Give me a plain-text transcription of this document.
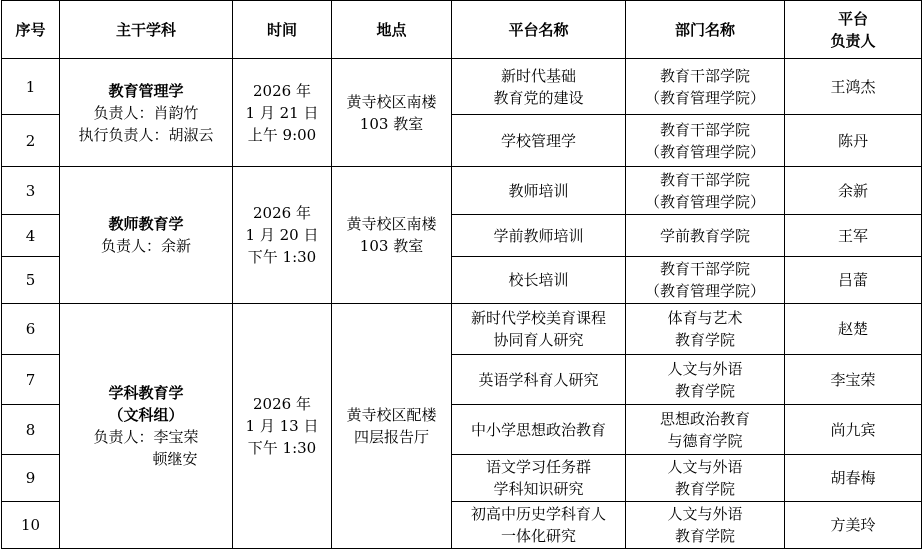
序号	主干学科	时间	地点	平台名称	部门名称	平台
负责人

1	教育管理学
负责人：肖韵竹
执行负责人：胡淑云	2026 年
1 月 21 日
上午 9:00	黄寺校区南楼
103 教室	新时代基础
教育党的建设	教育干部学院
（教育管理学院）	王鸿杰
2				学校管理学	教育干部学院
（教育管理学院）	陈丹
3	教师教育学
负责人：余新	2026 年
1 月 20 日
下午 1:30	黄寺校区南楼
103 教室	教师培训	教育干部学院
（教育管理学院）	余新
4				学前教师培训	学前教育学院	王军
5				校长培训	教育干部学院
（教育管理学院）	吕蕾
6	学科教育学
（文科组）
负责人：李宝荣
顿继安	2026 年
1 月 13 日
下午 1:30	黄寺校区配楼
四层报告厅	新时代学校美育课程
协同育人研究	体育与艺术
教育学院	赵楚
7				英语学科育人研究	人文与外语
教育学院	李宝荣
8				中小学思想政治教育	思想政治教育
与德育学院	尚九宾
9				语文学习任务群
学科知识研究	人文与外语
教育学院	胡春梅
10				初高中历史学科育人
一体化研究	人文与外语
教育学院	方美玲
